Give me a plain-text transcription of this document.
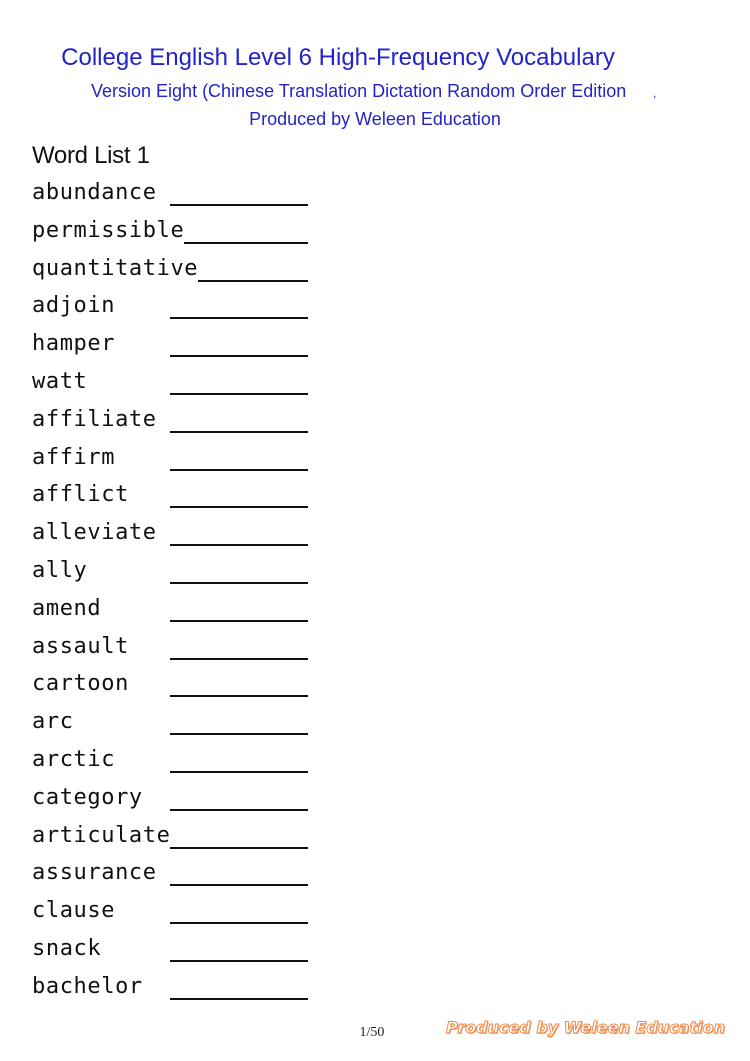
College English Level 6 High-Frequency Vocabulary
Version Eight (Chinese Translation Dictation Random Order Edition	,
Produced by Weleen Education
Word List 1
abundance
permissible
quantitative
adjoin
hamper
watt
affiliate
affirm
afflict
alleviate
ally
amend
assault
cartoon
arc
arctic
category
articulate
assurance
clause
snack
bachelor
1/50	Produced by Weleen Education
